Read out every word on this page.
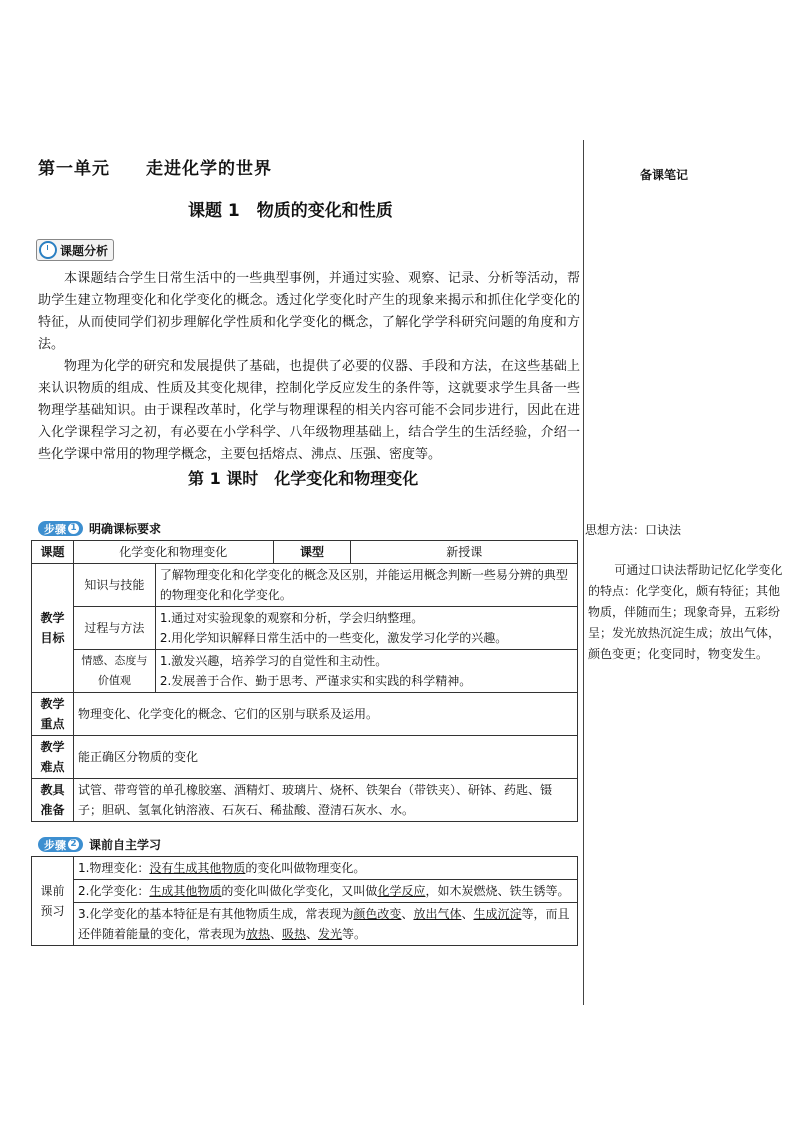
备课笔记
第一单元　　走进化学的世界
课题 1　物质的变化和性质
课题分析

本课题结合学生日常生活中的一些典型事例，并通过实验、观察、记录、分析等活动，帮助学生建立物理变化和化学变化的概念。透过化学变化时产生的现象来揭示和抓住化学变化的特征，从而使同学们初步理解化学性质和化学变化的概念，了解化学学科研究问题的角度和方法。

物理为化学的研究和发展提供了基础，也提供了必要的仪器、手段和方法，在这些基础上来认识物质的组成、性质及其变化规律，控制化学反应发生的条件等，这就要求学生具备一些物理学基础知识。由于课程改革时，化学与物理课程的相关内容可能不会同步进行，因此在进入化学课程学习之初，有必要在小学科学、八年级物理基础上，结合学生的生活经验，介绍一些化学课中常用的物理学概念，主要包括熔点、沸点、压强、密度等。

第 1 课时　化学变化和物理变化
步骤 1 明确课标要求
课题	化学变化和物理变化		课型	新授课
教学目标	知识与技能	了解物理变化和化学变化的概念及区别，并能运用概念判断一些易分辨的典型的物理变化和化学变化。		
	过程与方法	1.通过对实验现象的观察和分析，学会归纳整理。
2.用化学知识解释日常生活中的一些变化，激发学习化学的兴趣。		

	情感、态度与价值观	1.激发兴趣，培养学习的自觉性和主动性。
2.发展善于合作、勤于思考、严谨求实和实践的科学精神。		

教学重点	物理变化、化学变化的概念、它们的区别与联系及运用。			
教学难点	能正确区分物质的变化			
教具准备	试管、带弯管的单孔橡胶塞、酒精灯、玻璃片、烧杯、铁架台（带铁夹）、研钵、药匙、镊子；胆矾、氢氧化钠溶液、石灰石、稀盐酸、澄清石灰水、水。			
步骤 2 课前自主学习
课前预习	1.物理变化：没有生成其他物质的变化叫做物理变化。
2.化学变化：生成其他物质的变化叫做化学变化，又叫做化学反应，如木炭燃烧、铁生锈等。
3.化学变化的基本特征是有其他物质生成，常表现为颜色改变、放出气体、生成沉淀等，而且还伴随着能量的变化，常表现为放热、吸热、发光等。
思想方法：口诀法

可通过口诀法帮助记忆化学变化的特点：化学变化，颇有特征；其他物质，伴随而生；现象奇异，五彩纷呈；发光放热沉淀生成；放出气体，颜色变更；化变同时，物变发生。
